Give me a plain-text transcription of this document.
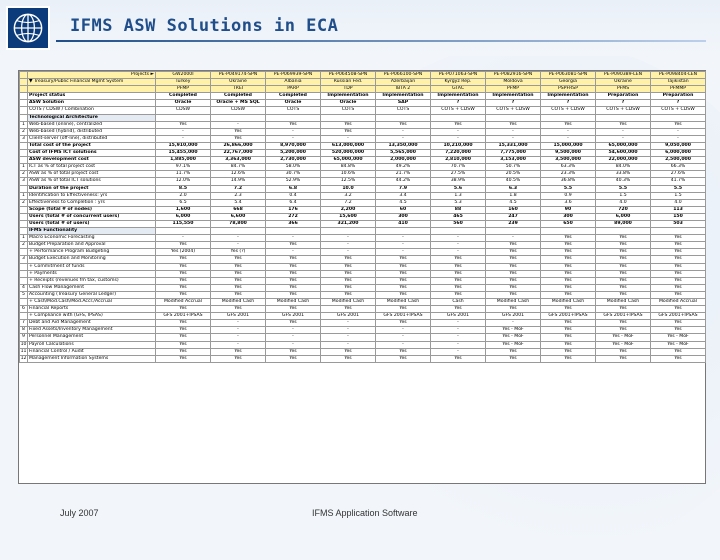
IFMS ASW Solutions in ECA
	Projects ►	GW2000I	PE-P049174-SPN	PE-P069939-SPN	PE-P064508-SPN	PE-P066100-SPN	PE-P071063-SPN	PE-P082916-SPN	PE-P063081-SPN	PE-P090389-LEN	PE-P098404-LEN
	▼ Treasury/Public Financial Mgmt System	Turkey	Ukraine	Albania	Russian Fed.	Azerbaijan	Kyrgyz Rep.	Moldova	Georgia	Ukraine	Tajikistan
		PFMP	TREI	PARP	TDP	IBTA 2	GTAC	PFMP	PSPFRSP	PFMS	PFMMP
	Project status	Completed	Completed	Completed	Implementation	Implementation	Implementation	Implementation	Implementation	Preparation	Preparation
	ASW Solution	Oracle	Oracle + MS SQL	Oracle	Oracle	SAP	?	?	?	?	?
	COTS / CDSW / Combination	CDSW	CDSW	COTS	COTS	COTS	COTS + CDSW	COTS + CDSW	COTS + CDSW	COTS + CDSW	COTS + CDSW
	Technological Architecture										
1	Web-based (online), centralized	Yes	-	Yes	Yes	Yes	Yes	Yes	Yes	Yes	Yes
2	Web-based (hybrid), distributed	-	Yes	-	Yes	-	-	-	-	-	-
3	Client-server (off-line), distributed	-	Yes	-	-	-	-	-	-	-	-
	Total cost of the project	15,910,000	26,866,000	8,970,000	613,000,000	13,350,000	10,210,000	15,331,000	15,000,000	65,000,000	9,050,000
	Cost of IFMS ICT solutions	15,455,000	22,767,000	5,200,000	520,000,000	5,565,000	7,220,000	7,775,000	9,500,000	54,600,000	6,000,000
	ASW development cost	1,885,000	3,363,000	2,730,000	65,000,000	2,000,000	2,810,000	3,153,000	3,500,000	22,000,000	2,500,000
1	ICT as % of total project cost	97.1%	84.7%	58.0%	84.8%	49.2%	70.7%	50.7%	63.3%	84.0%	66.3%
2	ASW as % of total project cost	11.7%	12.6%	30.7%	10.6%	21.7%	27.5%	20.5%	23.3%	33.8%	27.6%
3	ASW as % of total ICT solutions	12.0%	14.9%	52.9%	12.5%	44.2%	38.9%	40.5%	36.8%	40.3%	41.7%
	Duration of the project	8.5	7.2	6.8	10.0	7.9	5.6	6.3	5.5	5.5	5.5
1	Identification to Effectiveness: yrs	2.0	2.3	0.4	3.2	3.4	1.3	1.8	0.9	1.5	1.5
2	Effectiveness to Completion : yrs	6.5	5.4	6.4	7.2	4.5	5.3	4.5	3.6	4.0	4.0
	Scope (total # of nodes)	1,600	668	176	2,200	60	88	160	90	720	113
	Users (total # of concurrent users)	6,000	6,600	272	15,600	300	465	247	300	6,000	150
	Users (total # of users)	115,550	78,800	366	321,200	410	560	239	650	89,000	503
	IFMS Functionality										
1	Macro Economic Forecasting	-	-	-	-	-	-	-	Yes	Yes	Yes
2	Budget Preparation and Approval	Yes	-	Yes	-	-	-	Yes	Yes	Yes	Yes
	+ Performance Program Budgeting	Yes (2004)	Yes (?)	-	-	-	-	Yes	Yes	Yes	Yes
3	Budget Execution and Monitoring	Yes	Yes	Yes	Yes	Yes	Yes	Yes	Yes	Yes	Yes
	+ Commitment of funds	Yes	Yes	Yes	Yes	Yes	Yes	Yes	Yes	Yes	Yes
	+ Payments	Yes	Yes	Yes	Yes	Yes	Yes	Yes	Yes	Yes	Yes
	+ Receipts (revenues fm tax, customs)	Yes	Yes	Yes	Yes	Yes	Yes	Yes	Yes	Yes	Yes
4	Cash Flow Management	Yes	Yes	Yes	Yes	Yes	Yes	Yes	Yes	Yes	Yes
5	Accounting (Treasury General Ledger)	Yes	Yes	Yes	Yes	Yes	Yes	Yes	Yes	Yes	Yes
	+ Cash/Mod.Cash/Mod.Accr./Accrual	Modified Accrual	Modified Cash	Modified Cash	Modified Cash	Modified Cash	Cash	Modified Cash	Modified Cash	Modified Cash	Modified Accrual
6	Financial Reports	Yes	Yes	Yes	Yes	Yes	Yes	Yes	Yes	Yes	Yes
	+ Compliance with (GFS, IPSAS)	GFS 2001+IPSAS	GFS 2001	GFS 2001	GFS 2001	GFS 2001+IPSAS	GFS 2001	GFS 2001	GFS 2001+IPSAS	GFS 2001+IPSAS	GFS 2001+IPSAS
7	Debt and Aid Management	Yes	-	Yes	-	Yes	-	-	Yes	Yes	Yes
8	Fixed Assets/Inventory Management	Yes	-	-	-	-	-	Yes - MoF	Yes	Yes	Yes
9	Personnel Management	Yes	-	-	-	-	-	Yes - MoF	Yes	Yes - MoF	Yes - MoF
10	Payroll Calculations	Yes	-	-	-	-	-	Yes - MoF	Yes	Yes - MoF	Yes - MoF
11	Financial Control / Audit	Yes	Yes	Yes	Yes	Yes	-	Yes	Yes	Yes	Yes
12	Management Information Systems	Yes	Yes	Yes	Yes	Yes	Yes	Yes	Yes	Yes	Yes
July 2007	IFMS Application Software
